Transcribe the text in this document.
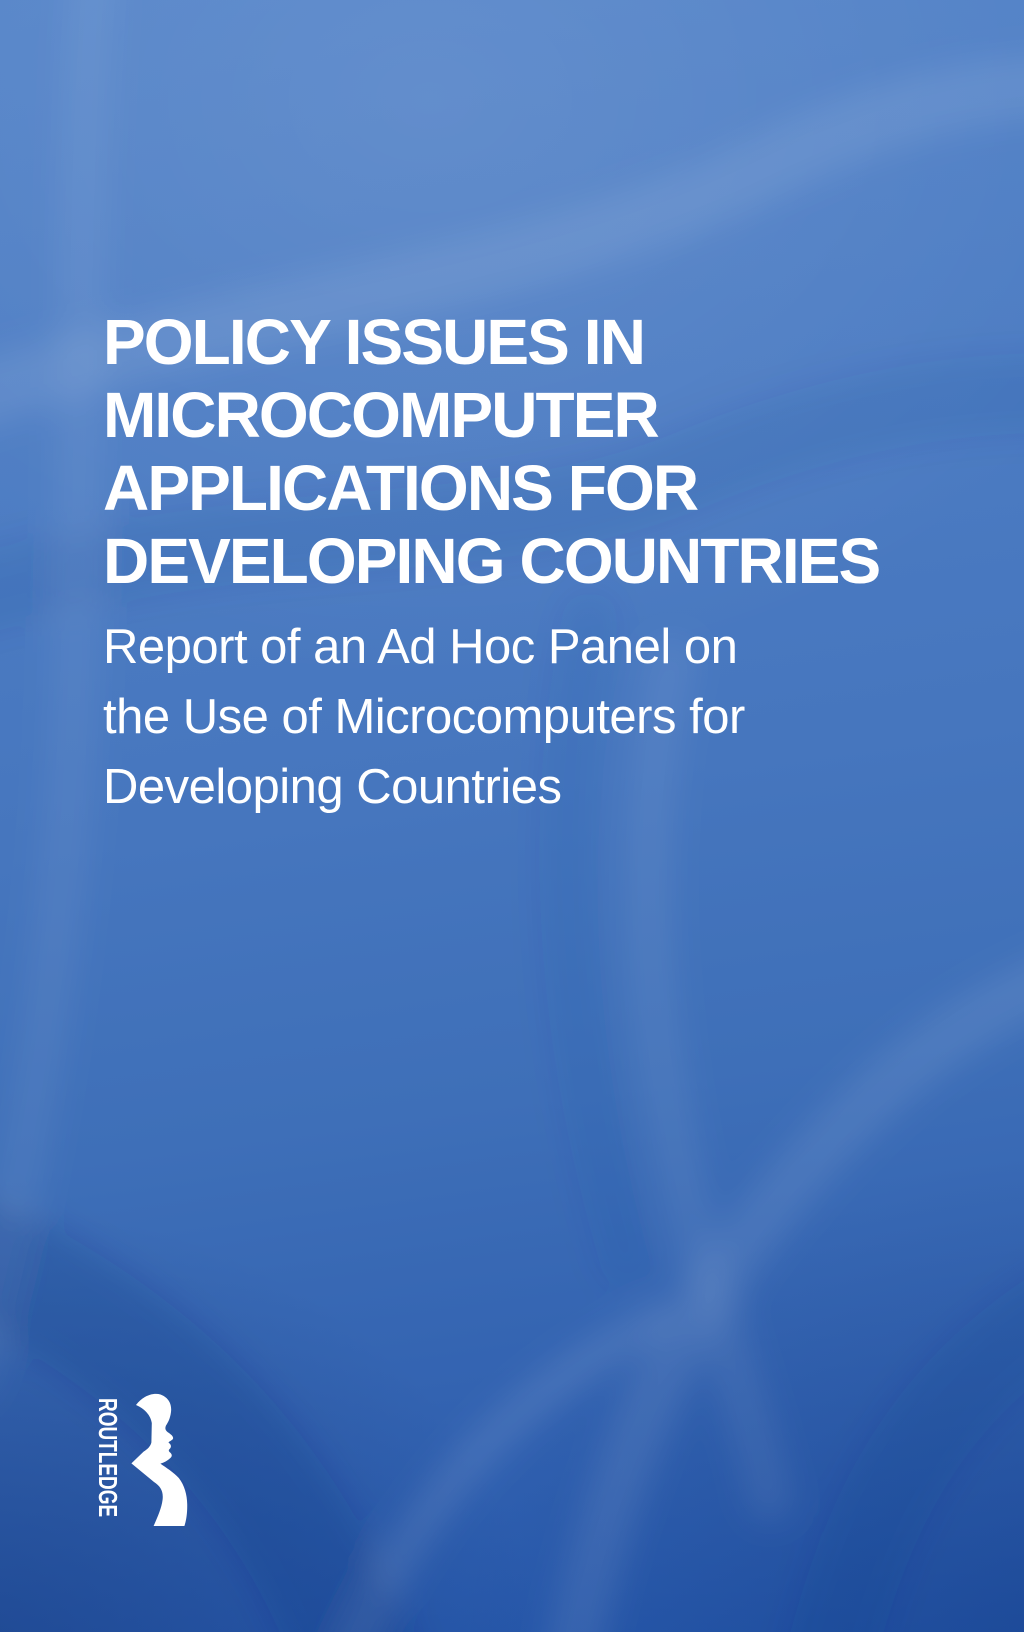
POLICY ISSUES IN
MICROCOMPUTER
APPLICATIONS FOR
DEVELOPING COUNTRIES
Report of an Ad Hoc Panel on
the Use of Microcomputers for
Developing Countries
ROUTLEDGE
